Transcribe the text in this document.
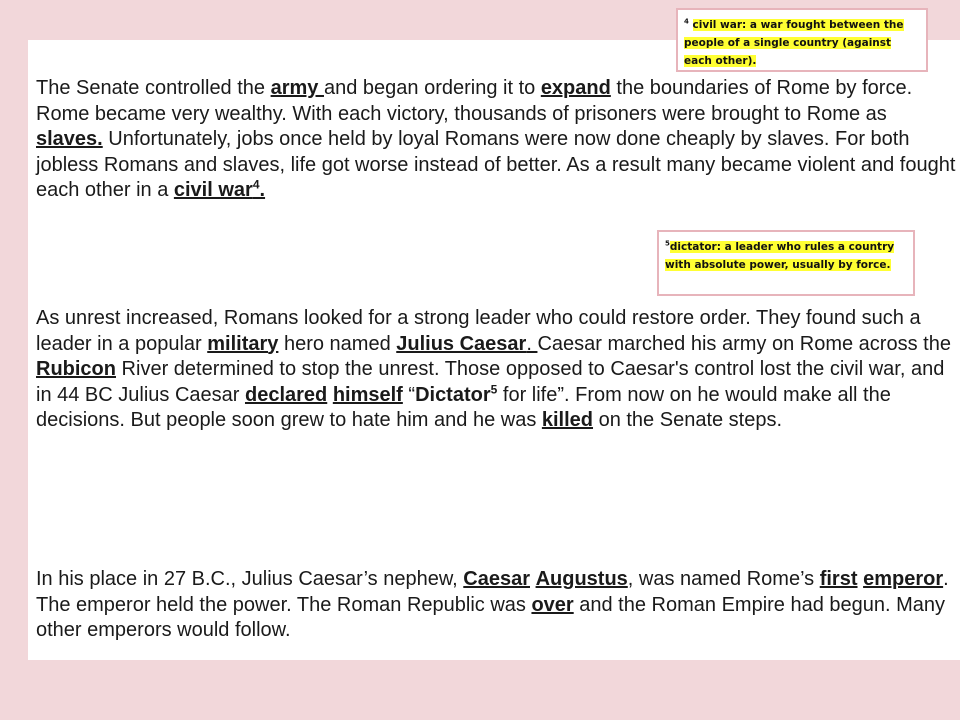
$^4$ civil war: a war fought between the people of a single country (against each other).

The Senate controlled the army and began ordering it to expand the boundaries of Rome by force. Rome became very wealthy. With each victory, thousands of prisoners were brought to Rome as slaves. Unfortunately, jobs once held by loyal Romans were now done cheaply by slaves. For both jobless Romans and slaves, life got worse instead of better. As a result many became violent and fought each other in a civil war$^4$.

$^5$dictator: a leader who rules a country with absolute power, usually by force.

As unrest increased, Romans looked for a strong leader who could restore order. They found such a leader in a popular military hero named Julius Caesar. Caesar marched his army on Rome across the Rubicon River determined to stop the unrest. Those opposed to Caesar's control lost the civil war, and in 44 BC Julius Caesar declared himself “Dictator$^5$ for life”. From now on he would make all the decisions. But people soon grew to hate him and he was killed on the Senate steps.

In his place in 27 B.C., Julius Caesar’s nephew, Caesar Augustus, was named Rome’s first emperor. The emperor held the power. The Roman Republic was over and the Roman Empire had begun. Many other emperors would follow.
